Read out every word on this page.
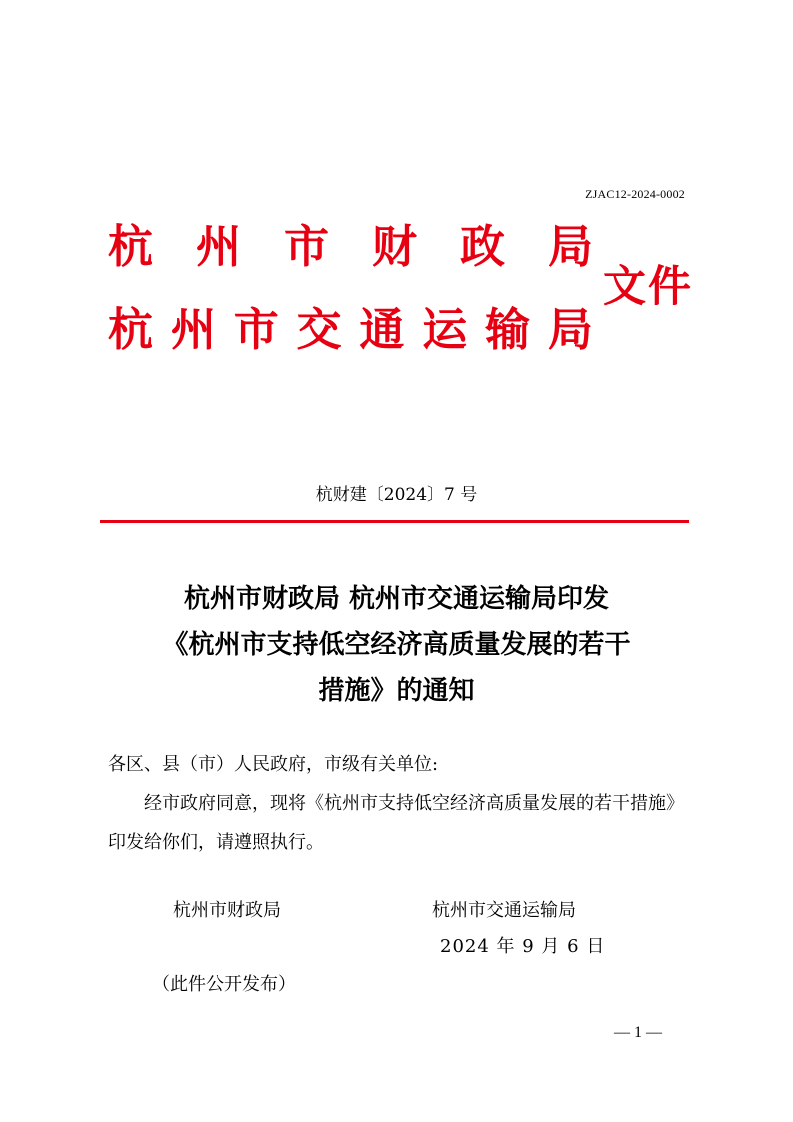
ZJAC12-2024-0002
杭 州 市 财 政 局
杭 州 市 交 通 运 输 局
文件
杭财建〔2024〕7 号
杭州市财政局 杭州市交通运输局印发
《杭州市支持低空经济高质量发展的若干
措施》的通知
各区、县（市）人民政府，市级有关单位:
经市政府同意，现将《杭州市支持低空经济高质量发展的若干措施》印发给你们，请遵照执行。
杭州市财政局	杭州市交通运输局
2024 年 9 月 6 日
（此件公开发布）
— 1 —
